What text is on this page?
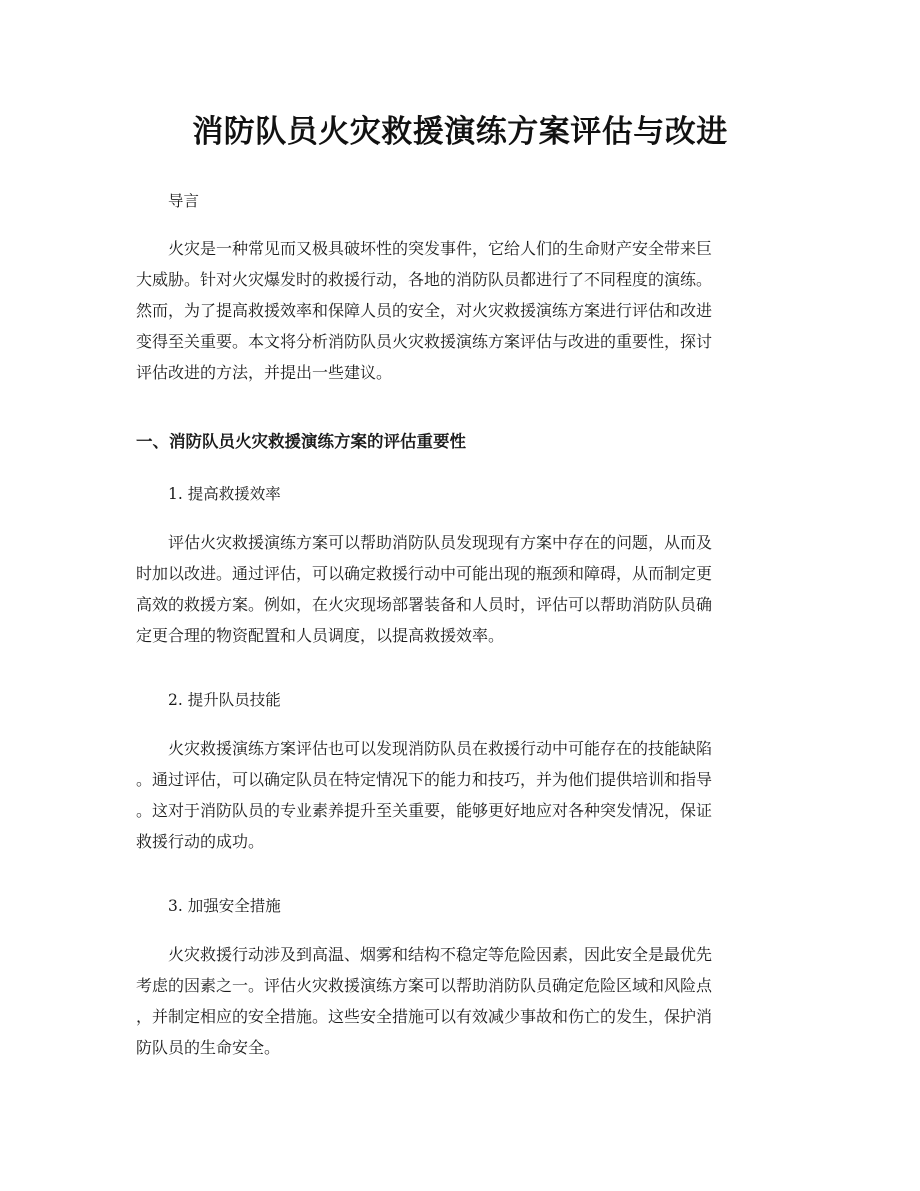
消防队员火灾救援演练方案评估与改进
导言
火灾是一种常见而又极具破坏性的突发事件，它给人们的生命财产安全带来巨
大威胁。针对火灾爆发时的救援行动，各地的消防队员都进行了不同程度的演练。
然而，为了提高救援效率和保障人员的安全，对火灾救援演练方案进行评估和改进
变得至关重要。本文将分析消防队员火灾救援演练方案评估与改进的重要性，探讨
评估改进的方法，并提出一些建议。
一、消防队员火灾救援演练方案的评估重要性
1. 提高救援效率
评估火灾救援演练方案可以帮助消防队员发现现有方案中存在的问题，从而及
时加以改进。通过评估，可以确定救援行动中可能出现的瓶颈和障碍，从而制定更
高效的救援方案。例如，在火灾现场部署装备和人员时，评估可以帮助消防队员确
定更合理的物资配置和人员调度，以提高救援效率。
2. 提升队员技能
火灾救援演练方案评估也可以发现消防队员在救援行动中可能存在的技能缺陷
。通过评估，可以确定队员在特定情况下的能力和技巧，并为他们提供培训和指导
。这对于消防队员的专业素养提升至关重要，能够更好地应对各种突发情况，保证
救援行动的成功。
3. 加强安全措施
火灾救援行动涉及到高温、烟雾和结构不稳定等危险因素，因此安全是最优先
考虑的因素之一。评估火灾救援演练方案可以帮助消防队员确定危险区域和风险点
，并制定相应的安全措施。这些安全措施可以有效减少事故和伤亡的发生，保护消
防队员的生命安全。
